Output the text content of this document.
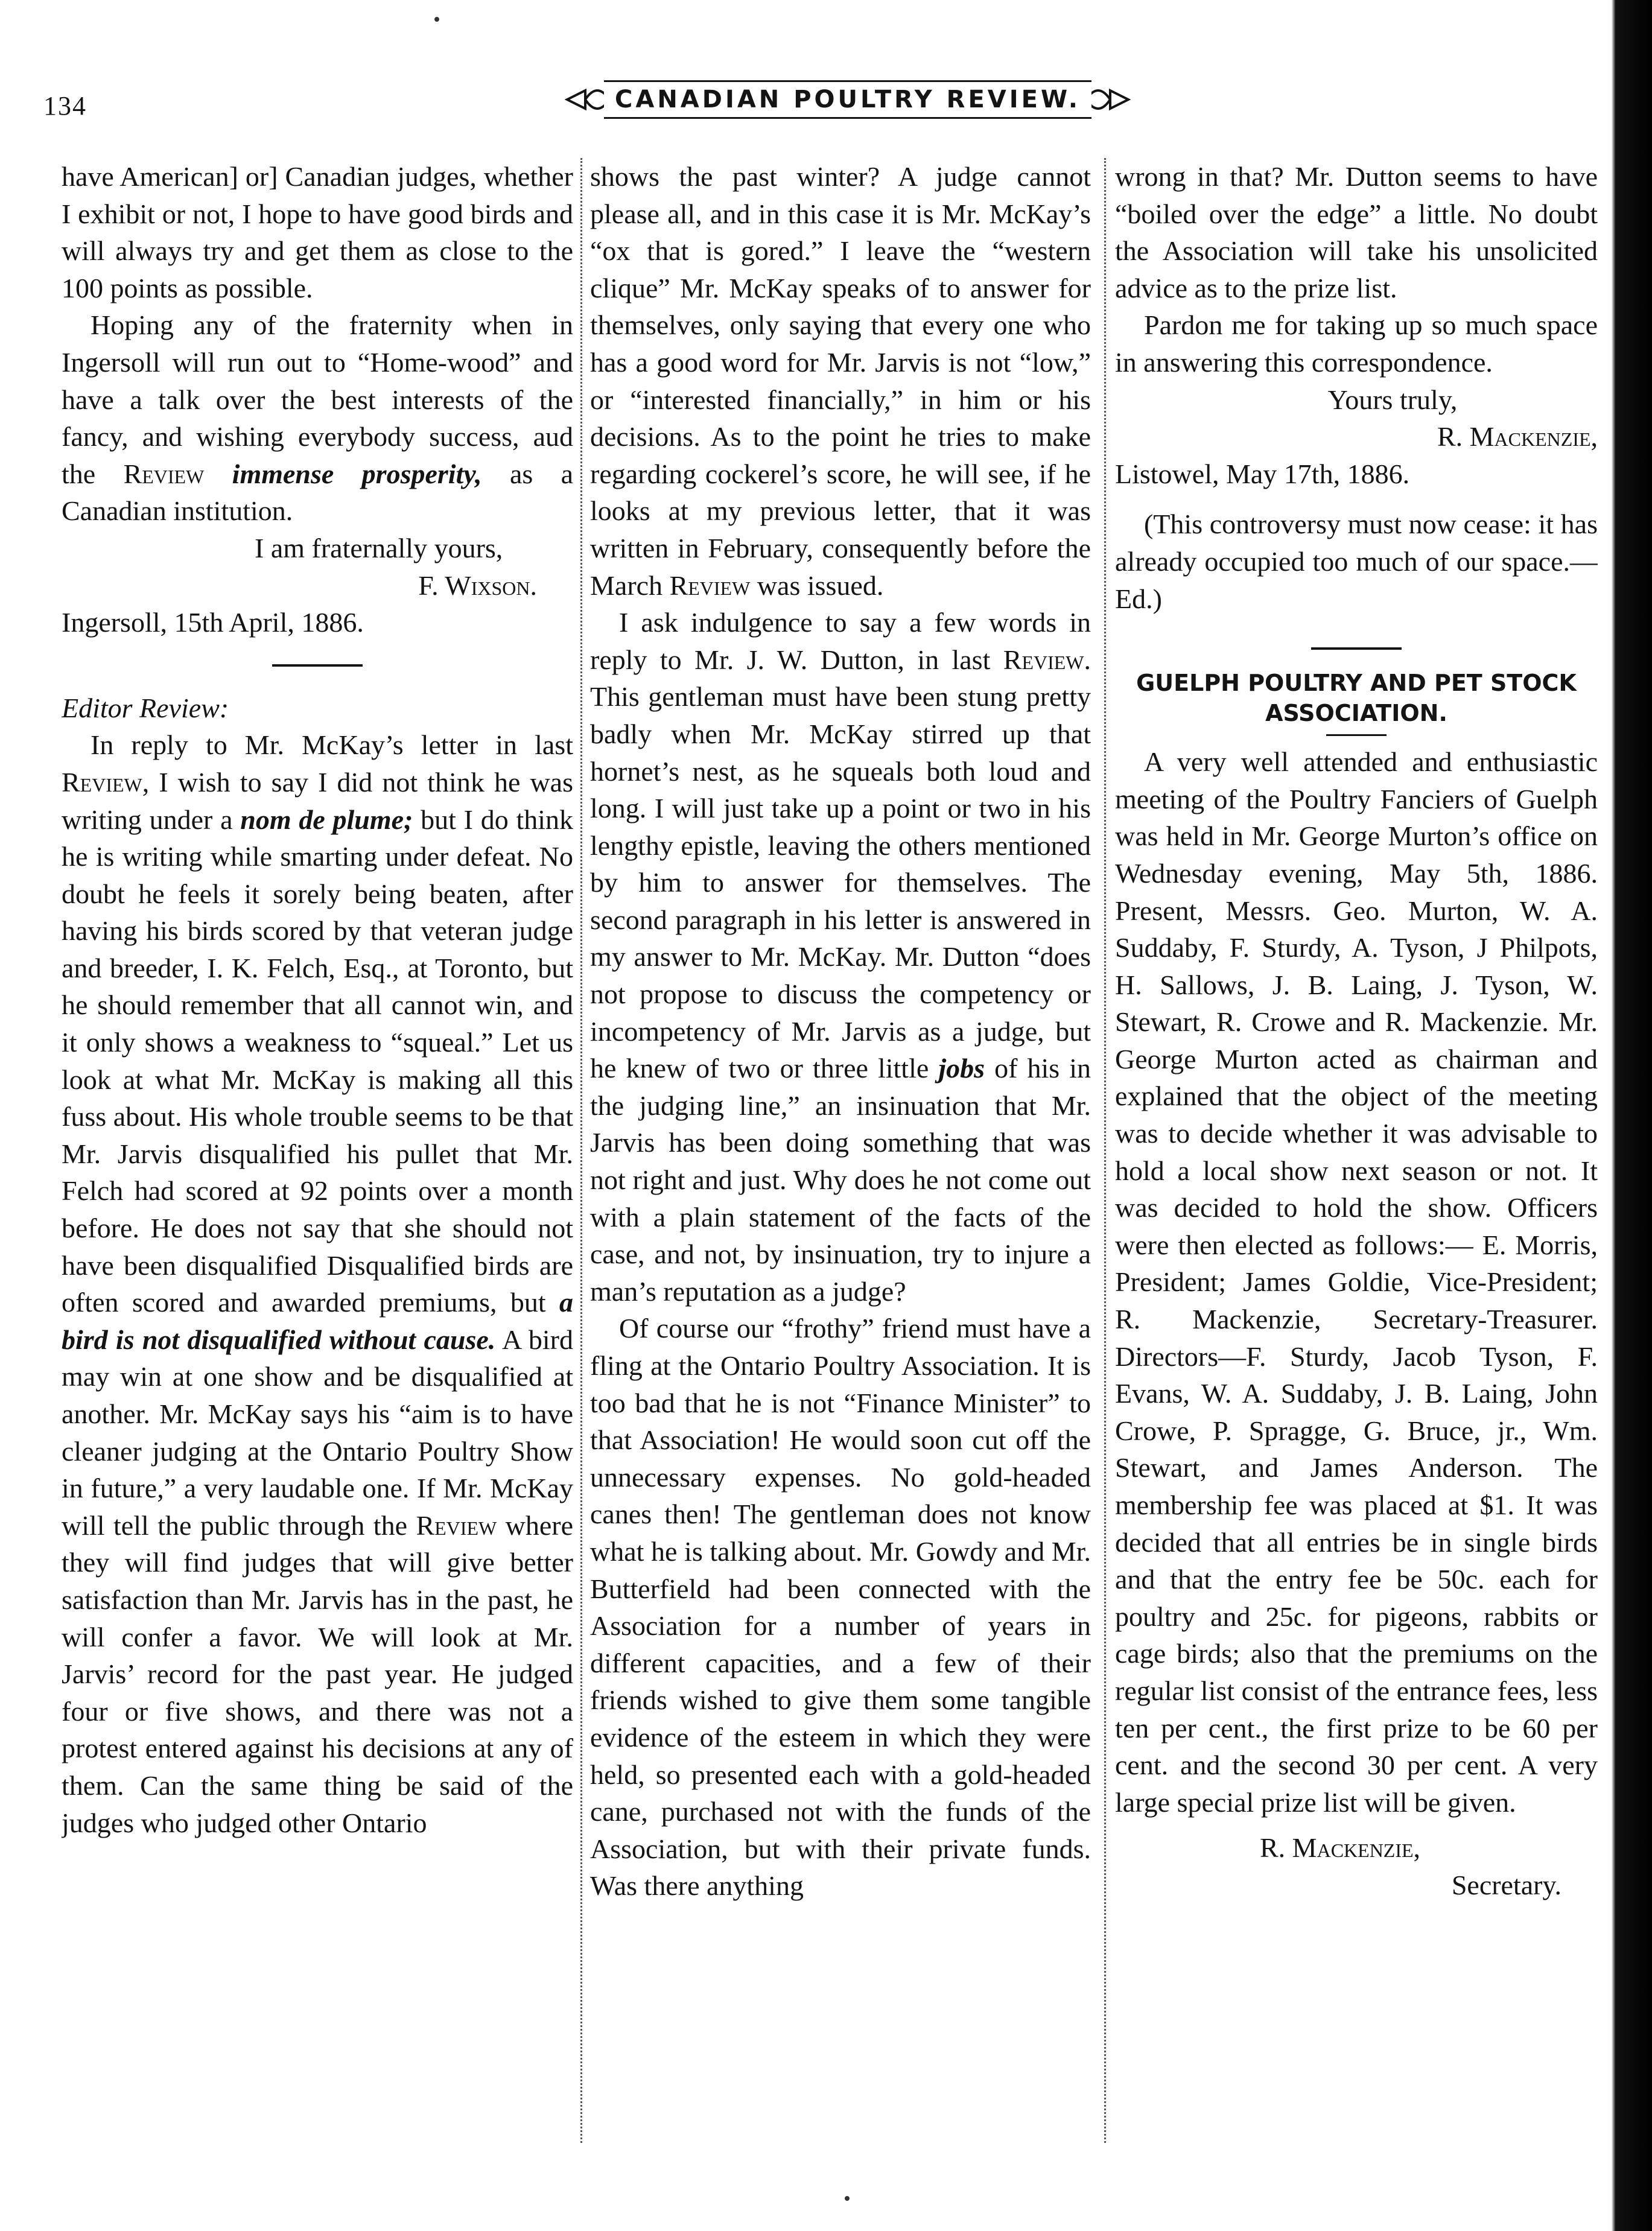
134	CANADIAN POULTRY REVIEW.

have American] or] Canadian judges, whether I exhibit or not, I hope to have good birds and will always try and get them as close to the 100 points as possible.

Hoping any of the fraternity when in Ingersoll will run out to “Home-wood” and have a talk over the best interests of the fancy, and wishing everybody success, aud the Review immense prosperity, as a Canadian institution.

I am fraternally yours,

F. Wixson.

Ingersoll, 15th April, 1886.

Editor Review:

In reply to Mr. McKay’s letter in last Review, I wish to say I did not think he was writing under a nom de plume; but I do think he is writing while smarting under defeat. No doubt he feels it sorely being beaten, after having his birds scored by that veteran judge and breeder, I. K. Felch, Esq., at Toronto, but he should remember that all cannot win, and it only shows a weakness to “squeal.” Let us look at what Mr. McKay is making all this fuss about. His whole trouble seems to be that Mr. Jarvis disqualified his pullet that Mr. Felch had scored at 92 points over a month before. He does not say that she should not have been disqualified Disqualified birds are often scored and awarded premiums, but a bird is not disqualified without cause. A bird may win at one show and be disqualified at another. Mr. McKay says his “aim is to have cleaner judging at the Ontario Poultry Show in future,” a very laudable one. If Mr. McKay will tell the public through the Review where they will find judges that will give better satisfaction than Mr. Jarvis has in the past, he will confer a favor. We will look at Mr. Jarvis’ record for the past year. He judged four or five shows, and there was not a protest entered against his decisions at any of them. Can the same thing be said of the judges who judged other Ontario

shows the past winter? A judge cannot please all, and in this case it is Mr. McKay’s “ox that is gored.” I leave the “western clique” Mr. McKay speaks of to answer for themselves, only saying that every one who has a good word for Mr. Jarvis is not “low,” or “interested financially,” in him or his decisions. As to the point he tries to make regarding cockerel’s score, he will see, if he looks at my previous letter, that it was written in February, consequently before the March Review was issued.

I ask indulgence to say a few words in reply to Mr. J. W. Dutton, in last Review. This gentleman must have been stung pretty badly when Mr. McKay stirred up that hornet’s nest, as he squeals both loud and long. I will just take up a point or two in his lengthy epistle, leaving the others mentioned by him to answer for themselves. The second paragraph in his letter is answered in my answer to Mr. McKay. Mr. Dutton “does not propose to discuss the competency or incompetency of Mr. Jarvis as a judge, but he knew of two or three little jobs of his in the judging line,” an insinuation that Mr. Jarvis has been doing something that was not right and just. Why does he not come out with a plain statement of the facts of the case, and not, by insinuation, try to injure a man’s reputation as a judge?

Of course our “frothy” friend must have a fling at the Ontario Poultry Association. It is too bad that he is not “Finance Minister” to that Association! He would soon cut off the unnecessary expenses. No gold-headed canes then! The gentleman does not know what he is talking about. Mr. Gowdy and Mr. Butterfield had been connected with the Association for a number of years in different capacities, and a few of their friends wished to give them some tangible evidence of the esteem in which they were held, so presented each with a gold-headed cane, purchased not with the funds of the Association, but with their private funds. Was there anything

wrong in that? Mr. Dutton seems to have “boiled over the edge” a little. No doubt the Association will take his unsolicited advice as to the prize list.

Pardon me for taking up so much space in answering this correspondence.

Yours truly,

R. Mackenzie,

Listowel, May 17th, 1886.

(This controversy must now cease: it has already occupied too much of our space.—Ed.)

GUELPH POULTRY AND PET STOCK ASSOCIATION.

A very well attended and enthusiastic meeting of the Poultry Fanciers of Guelph was held in Mr. George Murton’s office on Wednesday evening, May 5th, 1886. Present, Messrs. Geo. Murton, W. A. Suddaby, F. Sturdy, A. Tyson, J Philpots, H. Sallows, J. B. Laing, J. Tyson, W. Stewart, R. Crowe and R. Mackenzie. Mr. George Murton acted as chairman and explained that the object of the meeting was to decide whether it was advisable to hold a local show next season or not. It was decided to hold the show. Officers were then elected as follows:— E. Morris, President; James Goldie, Vice-President; R. Mackenzie, Secretary-Treasurer. Directors—F. Sturdy, Jacob Tyson, F. Evans, W. A. Suddaby, J. B. Laing, John Crowe, P. Spragge, G. Bruce, jr., Wm. Stewart, and James Anderson. The membership fee was placed at $1. It was decided that all entries be in single birds and that the entry fee be 50c. each for poultry and 25c. for pigeons, rabbits or cage birds; also that the premiums on the regular list consist of the entrance fees, less ten per cent., the first prize to be 60 per cent. and the second 30 per cent. A very large special prize list will be given.

R. Mackenzie,

Secretary.
